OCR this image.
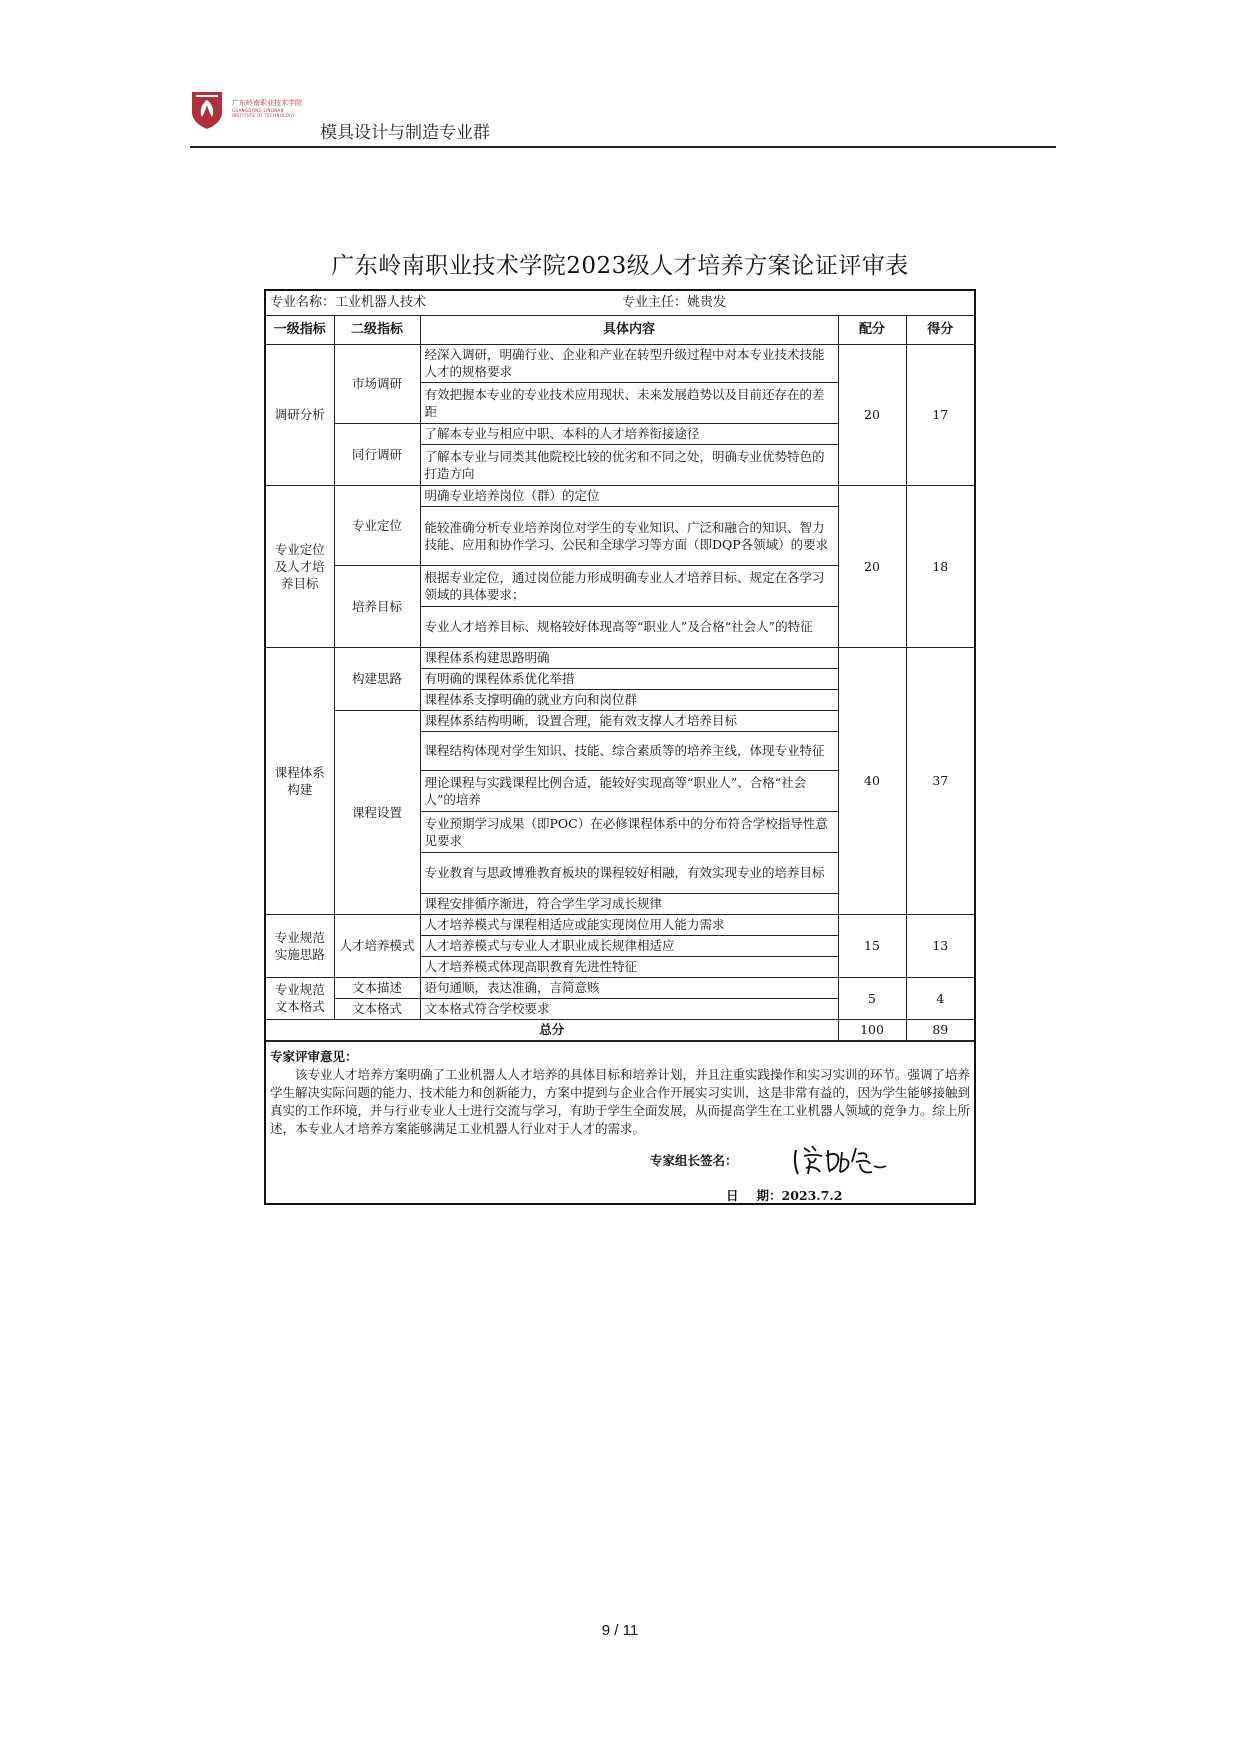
广东岭南职业技术学院
GUANGDONG LINGNAN
INSTITUTE OF TECHNOLOGY
模具设计与制造专业群
广东岭南职业技术学院2023级人才培养方案论证评审表
专业名称：工业机器人技术 专业主任：姚贵发				
一级指标	二级指标	具体内容	配分	得分
调研分析	市场调研	经深入调研，明确行业、企业和产业在转型升级过程中对本专业技术技能人才的规格要求	20	17
		有效把握本专业的专业技术应用现状、未来发展趋势以及目前还存在的差距		
	同行调研	了解本专业与相应中职、本科的人才培养衔接途径		
		了解本专业与同类其他院校比较的优劣和不同之处，明确专业优势特色的打造方向		
专业定位及人才培养目标	专业定位	明确专业培养岗位（群）的定位	20	18
		能较准确分析专业培养岗位对学生的专业知识、广泛和融合的知识、智力技能、应用和协作学习、公民和全球学习等方面（即DQP各领域）的要求		
	培养目标	根据专业定位，通过岗位能力形成明确专业人才培养目标、规定在各学习领域的具体要求；		
		专业人才培养目标、规格较好体现高等“职业人”及合格“社会人”的特征		
课程体系构建	构建思路	课程体系构建思路明确	40	37
		有明确的课程体系优化举措		
		课程体系支撑明确的就业方向和岗位群		
	课程设置	课程体系结构明晰，设置合理，能有效支撑人才培养目标		
		课程结构体现对学生知识、技能、综合素质等的培养主线，体现专业特征		
		理论课程与实践课程比例合适，能较好实现高等“职业人”、合格“社会人”的培养		
		专业预期学习成果（即POC）在必修课程体系中的分布符合学校指导性意见要求		
		专业教育与思政博雅教育板块的课程较好相融，有效实现专业的培养目标		
		课程安排循序渐进，符合学生学习成长规律		
专业规范实施思路	人才培养模式	人才培养模式与课程相适应或能实现岗位用人能力需求	15	13
		人才培养模式与专业人才职业成长规律相适应		
		人才培养模式体现高职教育先进性特征		
专业规范文本格式	文本描述	语句通顺，表达准确，言简意赅	5	4
	文本格式	文本格式符合学校要求		
总分			100	89
专家评审意见：
该专业人才培养方案明确了工业机器人人才培养的具体目标和培养计划，并且注重实践操作和实习实训的环节。强调了培养学生解决实际问题的能力、技术能力和创新能力，方案中提到与企业合作开展实习实训，这是非常有益的，因为学生能够接触到真实的工作环境，并与行业专业人士进行交流与学习，有助于学生全面发展，从而提高学生在工业机器人领域的竞争力。综上所述，本专业人才培养方案能够满足工业机器人行业对于人才的需求。
专家组长签名：
日 期：2023.7.2
9 / 11
